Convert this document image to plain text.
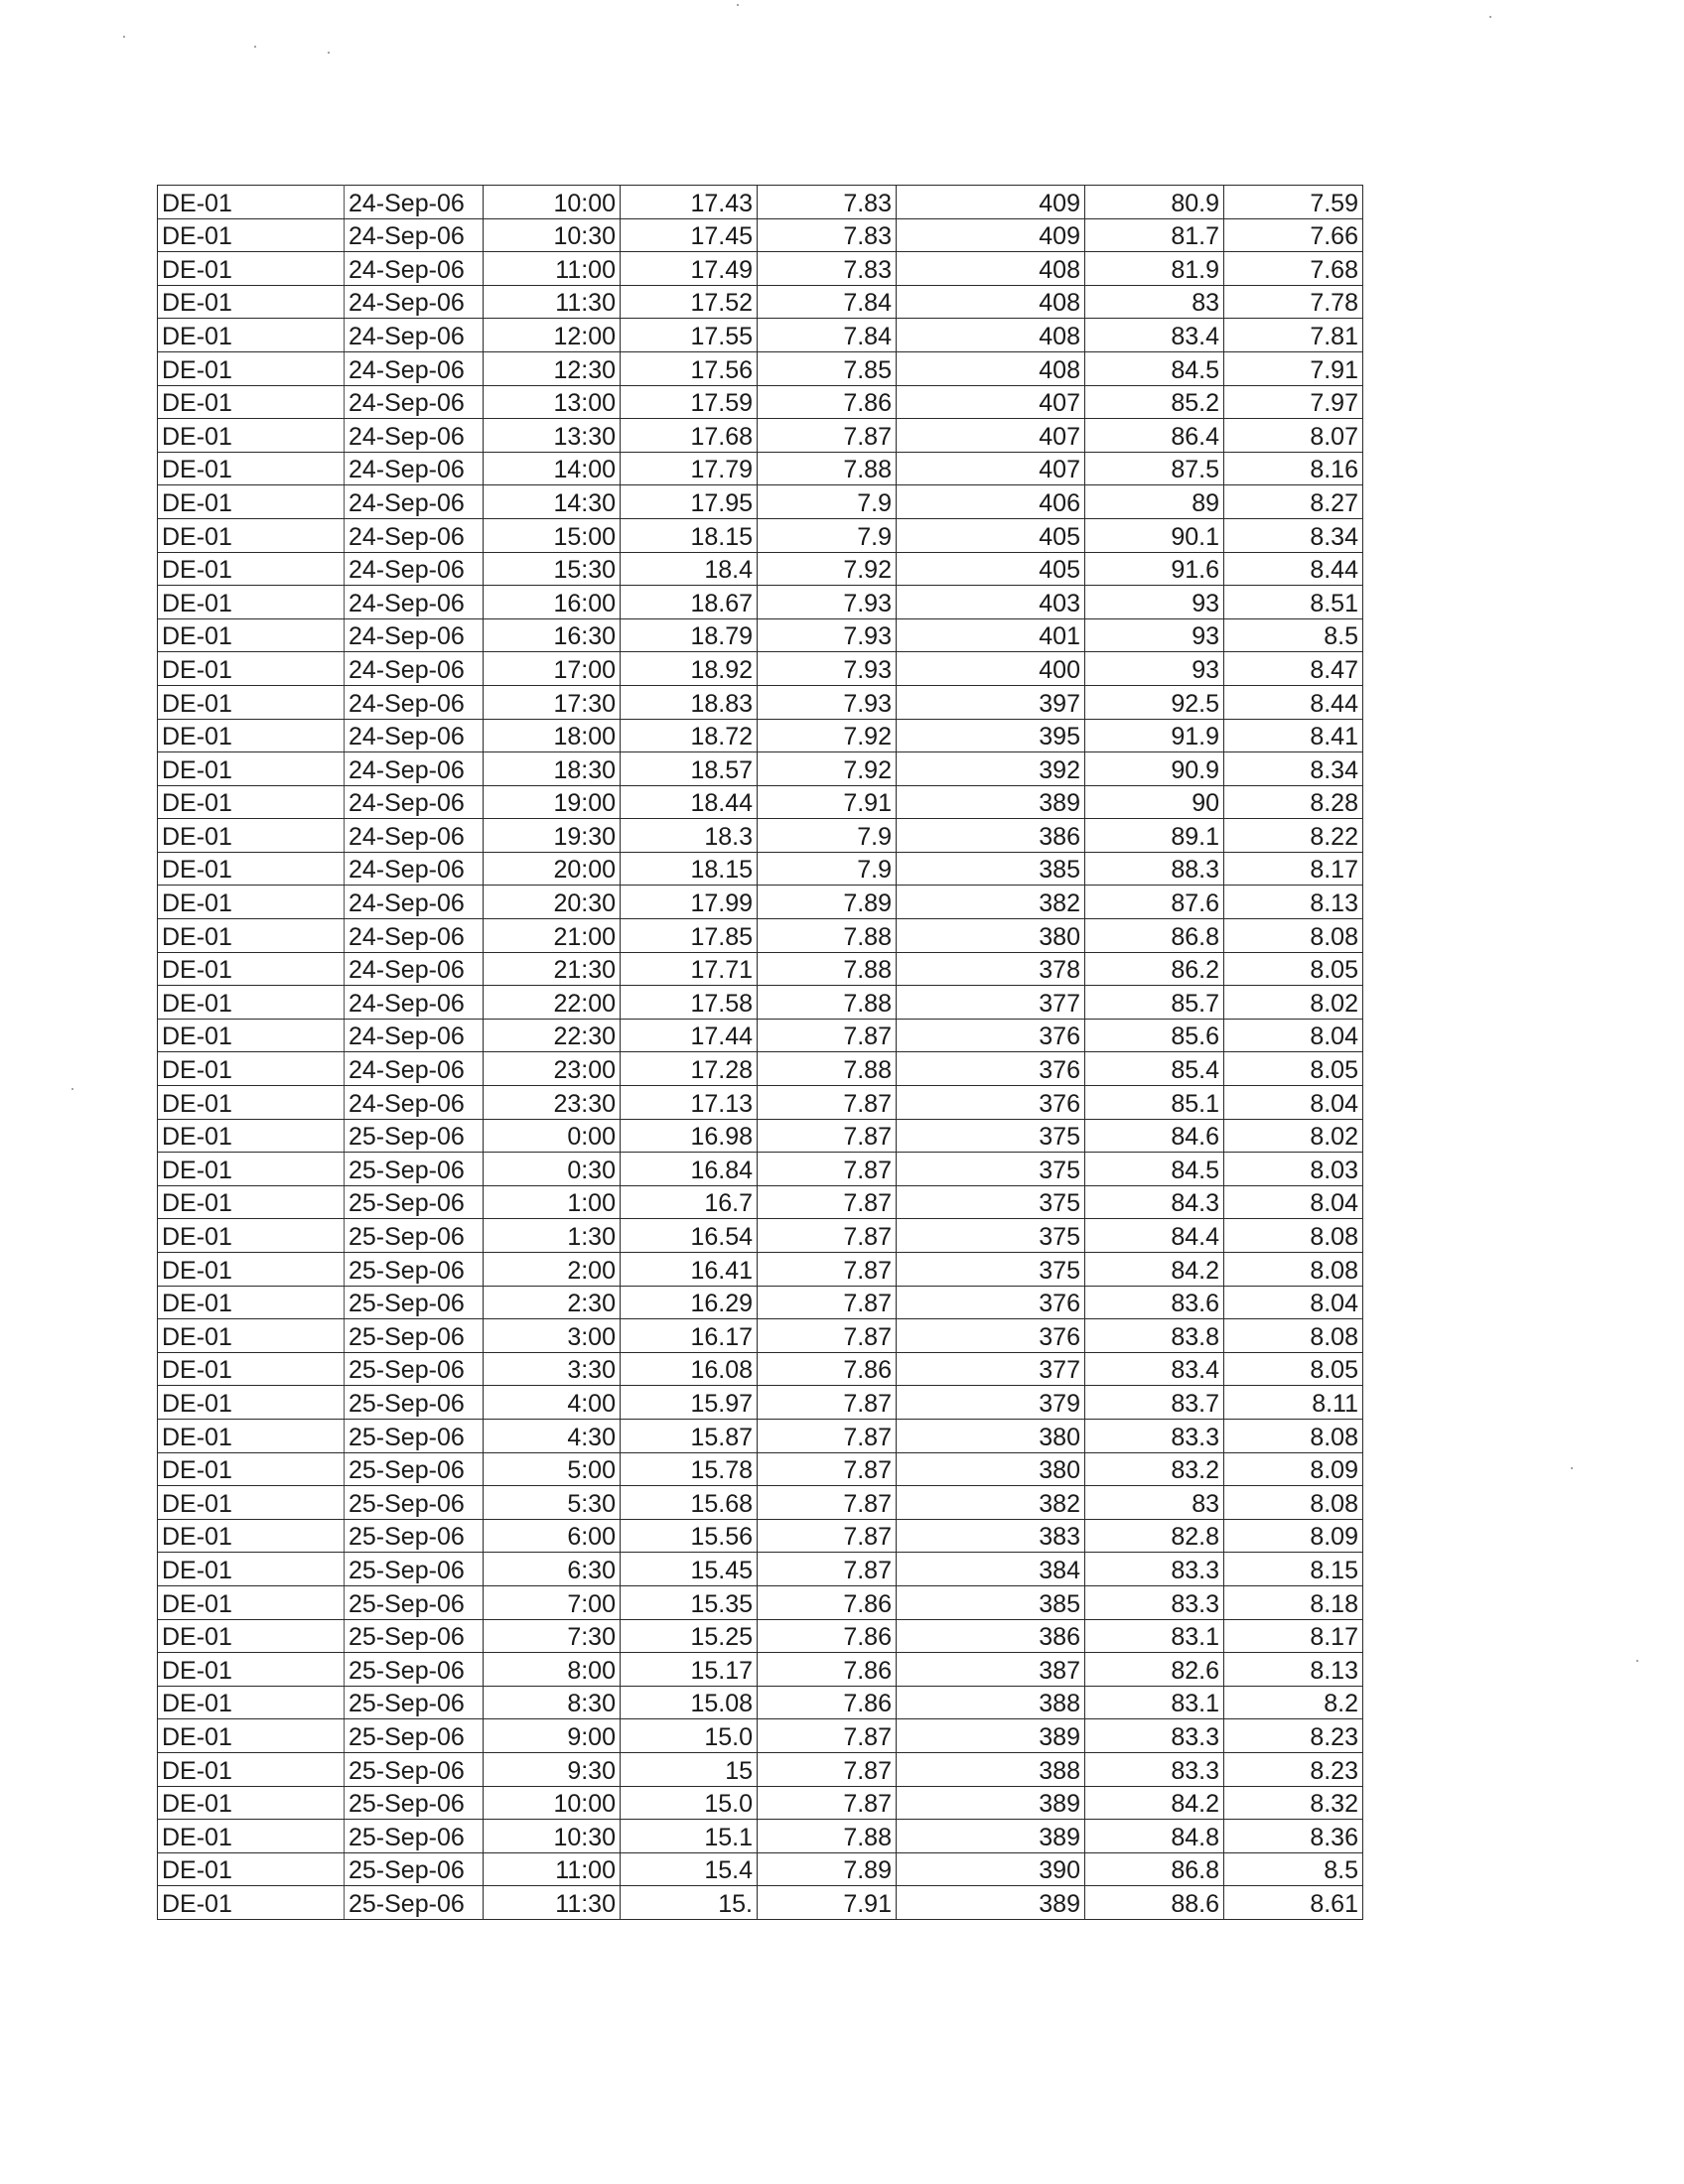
DE-01	24-Sep-06	10:00	17.43	7.83	409	80.9	7.59
DE-01	24-Sep-06	10:30	17.45	7.83	409	81.7	7.66
DE-01	24-Sep-06	11:00	17.49	7.83	408	81.9	7.68
DE-01	24-Sep-06	11:30	17.52	7.84	408	83	7.78
DE-01	24-Sep-06	12:00	17.55	7.84	408	83.4	7.81
DE-01	24-Sep-06	12:30	17.56	7.85	408	84.5	7.91
DE-01	24-Sep-06	13:00	17.59	7.86	407	85.2	7.97
DE-01	24-Sep-06	13:30	17.68	7.87	407	86.4	8.07
DE-01	24-Sep-06	14:00	17.79	7.88	407	87.5	8.16
DE-01	24-Sep-06	14:30	17.95	7.9	406	89	8.27
DE-01	24-Sep-06	15:00	18.15	7.9	405	90.1	8.34
DE-01	24-Sep-06	15:30	18.4	7.92	405	91.6	8.44
DE-01	24-Sep-06	16:00	18.67	7.93	403	93	8.51
DE-01	24-Sep-06	16:30	18.79	7.93	401	93	8.5
DE-01	24-Sep-06	17:00	18.92	7.93	400	93	8.47
DE-01	24-Sep-06	17:30	18.83	7.93	397	92.5	8.44
DE-01	24-Sep-06	18:00	18.72	7.92	395	91.9	8.41
DE-01	24-Sep-06	18:30	18.57	7.92	392	90.9	8.34
DE-01	24-Sep-06	19:00	18.44	7.91	389	90	8.28
DE-01	24-Sep-06	19:30	18.3	7.9	386	89.1	8.22
DE-01	24-Sep-06	20:00	18.15	7.9	385	88.3	8.17
DE-01	24-Sep-06	20:30	17.99	7.89	382	87.6	8.13
DE-01	24-Sep-06	21:00	17.85	7.88	380	86.8	8.08
DE-01	24-Sep-06	21:30	17.71	7.88	378	86.2	8.05
DE-01	24-Sep-06	22:00	17.58	7.88	377	85.7	8.02
DE-01	24-Sep-06	22:30	17.44	7.87	376	85.6	8.04
DE-01	24-Sep-06	23:00	17.28	7.88	376	85.4	8.05
DE-01	24-Sep-06	23:30	17.13	7.87	376	85.1	8.04
DE-01	25-Sep-06	0:00	16.98	7.87	375	84.6	8.02
DE-01	25-Sep-06	0:30	16.84	7.87	375	84.5	8.03
DE-01	25-Sep-06	1:00	16.7	7.87	375	84.3	8.04
DE-01	25-Sep-06	1:30	16.54	7.87	375	84.4	8.08
DE-01	25-Sep-06	2:00	16.41	7.87	375	84.2	8.08
DE-01	25-Sep-06	2:30	16.29	7.87	376	83.6	8.04
DE-01	25-Sep-06	3:00	16.17	7.87	376	83.8	8.08
DE-01	25-Sep-06	3:30	16.08	7.86	377	83.4	8.05
DE-01	25-Sep-06	4:00	15.97	7.87	379	83.7	8.11
DE-01	25-Sep-06	4:30	15.87	7.87	380	83.3	8.08
DE-01	25-Sep-06	5:00	15.78	7.87	380	83.2	8.09
DE-01	25-Sep-06	5:30	15.68	7.87	382	83	8.08
DE-01	25-Sep-06	6:00	15.56	7.87	383	82.8	8.09
DE-01	25-Sep-06	6:30	15.45	7.87	384	83.3	8.15
DE-01	25-Sep-06	7:00	15.35	7.86	385	83.3	8.18
DE-01	25-Sep-06	7:30	15.25	7.86	386	83.1	8.17
DE-01	25-Sep-06	8:00	15.17	7.86	387	82.6	8.13
DE-01	25-Sep-06	8:30	15.08	7.86	388	83.1	8.2
DE-01	25-Sep-06	9:00	15.0	7.87	389	83.3	8.23
DE-01	25-Sep-06	9:30	15	7.87	388	83.3	8.23
DE-01	25-Sep-06	10:00	15.0	7.87	389	84.2	8.32
DE-01	25-Sep-06	10:30	15.1	7.88	389	84.8	8.36
DE-01	25-Sep-06	11:00	15.4	7.89	390	86.8	8.5
DE-01	25-Sep-06	11:30	15.	7.91	389	88.6	8.61
